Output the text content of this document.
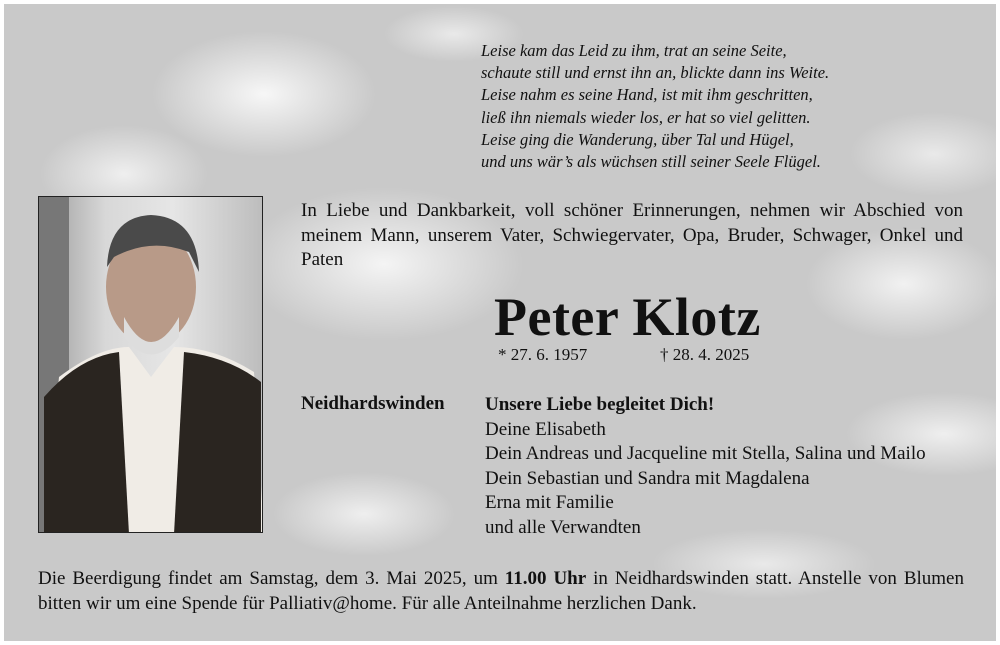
Leise kam das Leid zu ihm, trat an seine Seite,
schaute still und ernst ihn an, blickte dann ins Weite.
Leise nahm es seine Hand, ist mit ihm geschritten,
ließ ihn niemals wieder los, er hat so viel gelitten.
Leise ging die Wanderung, über Tal und Hügel,
und uns wär’s als wüchsen still seiner Seele Flügel.
In Liebe und Dankbarkeit, voll schöner Erinnerungen, nehmen wir Abschied von meinem Mann, unserem Vater, Schwiegervater, Opa, Bruder, Schwager, Onkel und Paten
Peter Klotz
* 27. 6. 1957	† 28. 4. 2025
Neidhardswinden Unsere Liebe begleitet Dich!
Deine Elisabeth
Dein Andreas und Jacqueline mit Stella, Salina und Mailo
Dein Sebastian und Sandra mit Magdalena
Erna mit Familie
und alle Verwandten
Die Beerdigung findet am Samstag, dem 3. Mai 2025, um 11.00 Uhr in Neidhardswinden statt. Anstelle von Blumen bitten wir um eine Spende für Palliativ@home. Für alle Anteilnahme herzlichen Dank.
